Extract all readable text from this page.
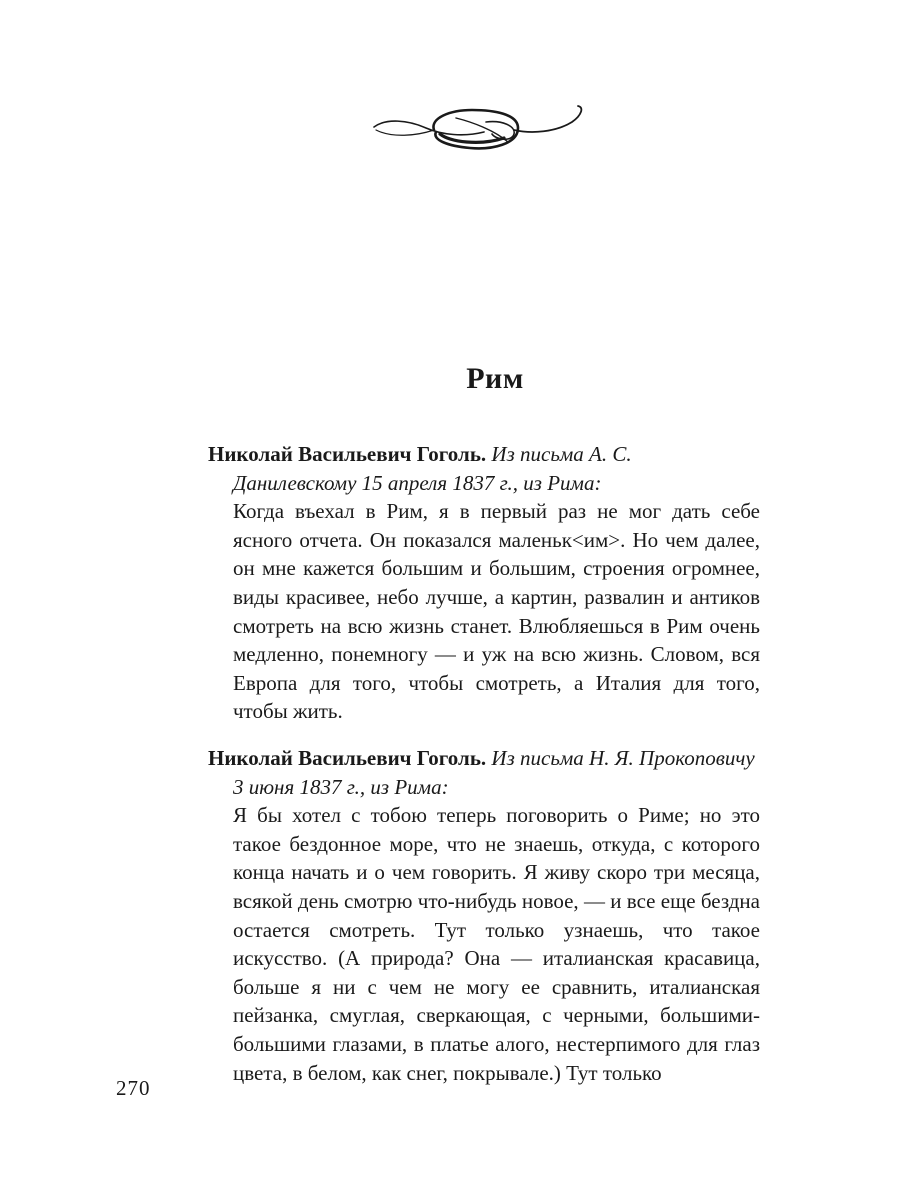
Рим

Николай Васильевич Гоголь. Из письма А. С. Данилевскому 15 апреля 1837 г., из Рима:

Когда въехал в Рим, я в первый раз не мог дать себе ясного отчета. Он показался маленьк<им>. Но чем далее, он мне кажется большим и большим, строения огромнее, виды красивее, небо лучше, а картин, развалин и антиков смотреть на всю жизнь станет. Влюбляешься в Рим очень медленно, понемногу — и уж на всю жизнь. Словом, вся Европа для того, чтобы смотреть, а Италия для того, чтобы жить.

Николай Васильевич Гоголь. Из письма Н. Я. Прокоповичу 3 июня 1837 г., из Рима:

Я бы хотел с тобою теперь поговорить о Риме; но это такое бездонное море, что не знаешь, откуда, с которого конца начать и о чем говорить. Я живу скоро три месяца, всякой день смотрю что-нибудь новое, — и все еще бездна остается смотреть. Тут только узнаешь, что такое искусство. (А природа? Она — италианская красавица, больше я ни с чем не могу ее сравнить, италианская пейзанка, смуглая, сверкающая, с черными, большими-большими глазами, в платье алого, нестерпимого для глаз цвета, в белом, как снег, покрывале.) Тут только

270
